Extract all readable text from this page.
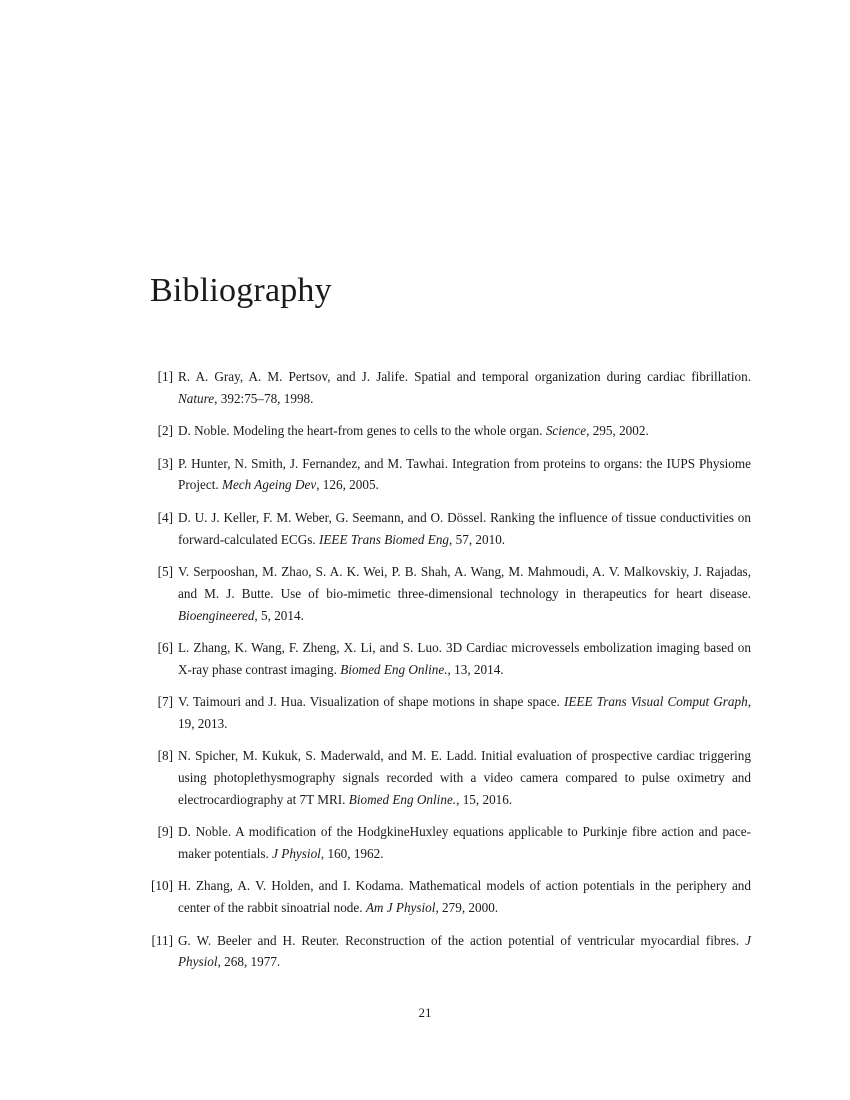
Bibliography
[1] R. A. Gray, A. M. Pertsov, and J. Jalife. Spatial and temporal organization during cardiac fibrillation. Nature, 392:75–78, 1998.
[2] D. Noble. Modeling the heart-from genes to cells to the whole organ. Science, 295, 2002.
[3] P. Hunter, N. Smith, J. Fernandez, and M. Tawhai. Integration from proteins to organs: the IUPS Physiome Project. Mech Ageing Dev, 126, 2005.
[4] D. U. J. Keller, F. M. Weber, G. Seemann, and O. Dössel. Ranking the influence of tissue conductivities on forward-calculated ECGs. IEEE Trans Biomed Eng, 57, 2010.
[5] V. Serpooshan, M. Zhao, S. A. K. Wei, P. B. Shah, A. Wang, M. Mahmoudi, A. V. Malkovskiy, J. Rajadas, and M. J. Butte. Use of bio-mimetic three-dimensional technology in therapeutics for heart disease. Bioengineered, 5, 2014.
[6] L. Zhang, K. Wang, F. Zheng, X. Li, and S. Luo. 3D Cardiac microvessels embolization imaging based on X-ray phase contrast imaging. Biomed Eng Online., 13, 2014.
[7] V. Taimouri and J. Hua. Visualization of shape motions in shape space. IEEE Trans Visual Comput Graph, 19, 2013.
[8] N. Spicher, M. Kukuk, S. Maderwald, and M. E. Ladd. Initial evaluation of prospective cardiac triggering using photoplethysmography signals recorded with a video camera compared to pulse oximetry and electrocardiography at 7T MRI. Biomed Eng Online., 15, 2016.
[9] D. Noble. A modification of the HodgkineHuxley equations applicable to Purkinje fibre action and pace-maker potentials. J Physiol, 160, 1962.
[10] H. Zhang, A. V. Holden, and I. Kodama. Mathematical models of action potentials in the periphery and center of the rabbit sinoatrial node. Am J Physiol, 279, 2000.
[11] G. W. Beeler and H. Reuter. Reconstruction of the action potential of ventricular myocardial fibres. J Physiol, 268, 1977.
21
